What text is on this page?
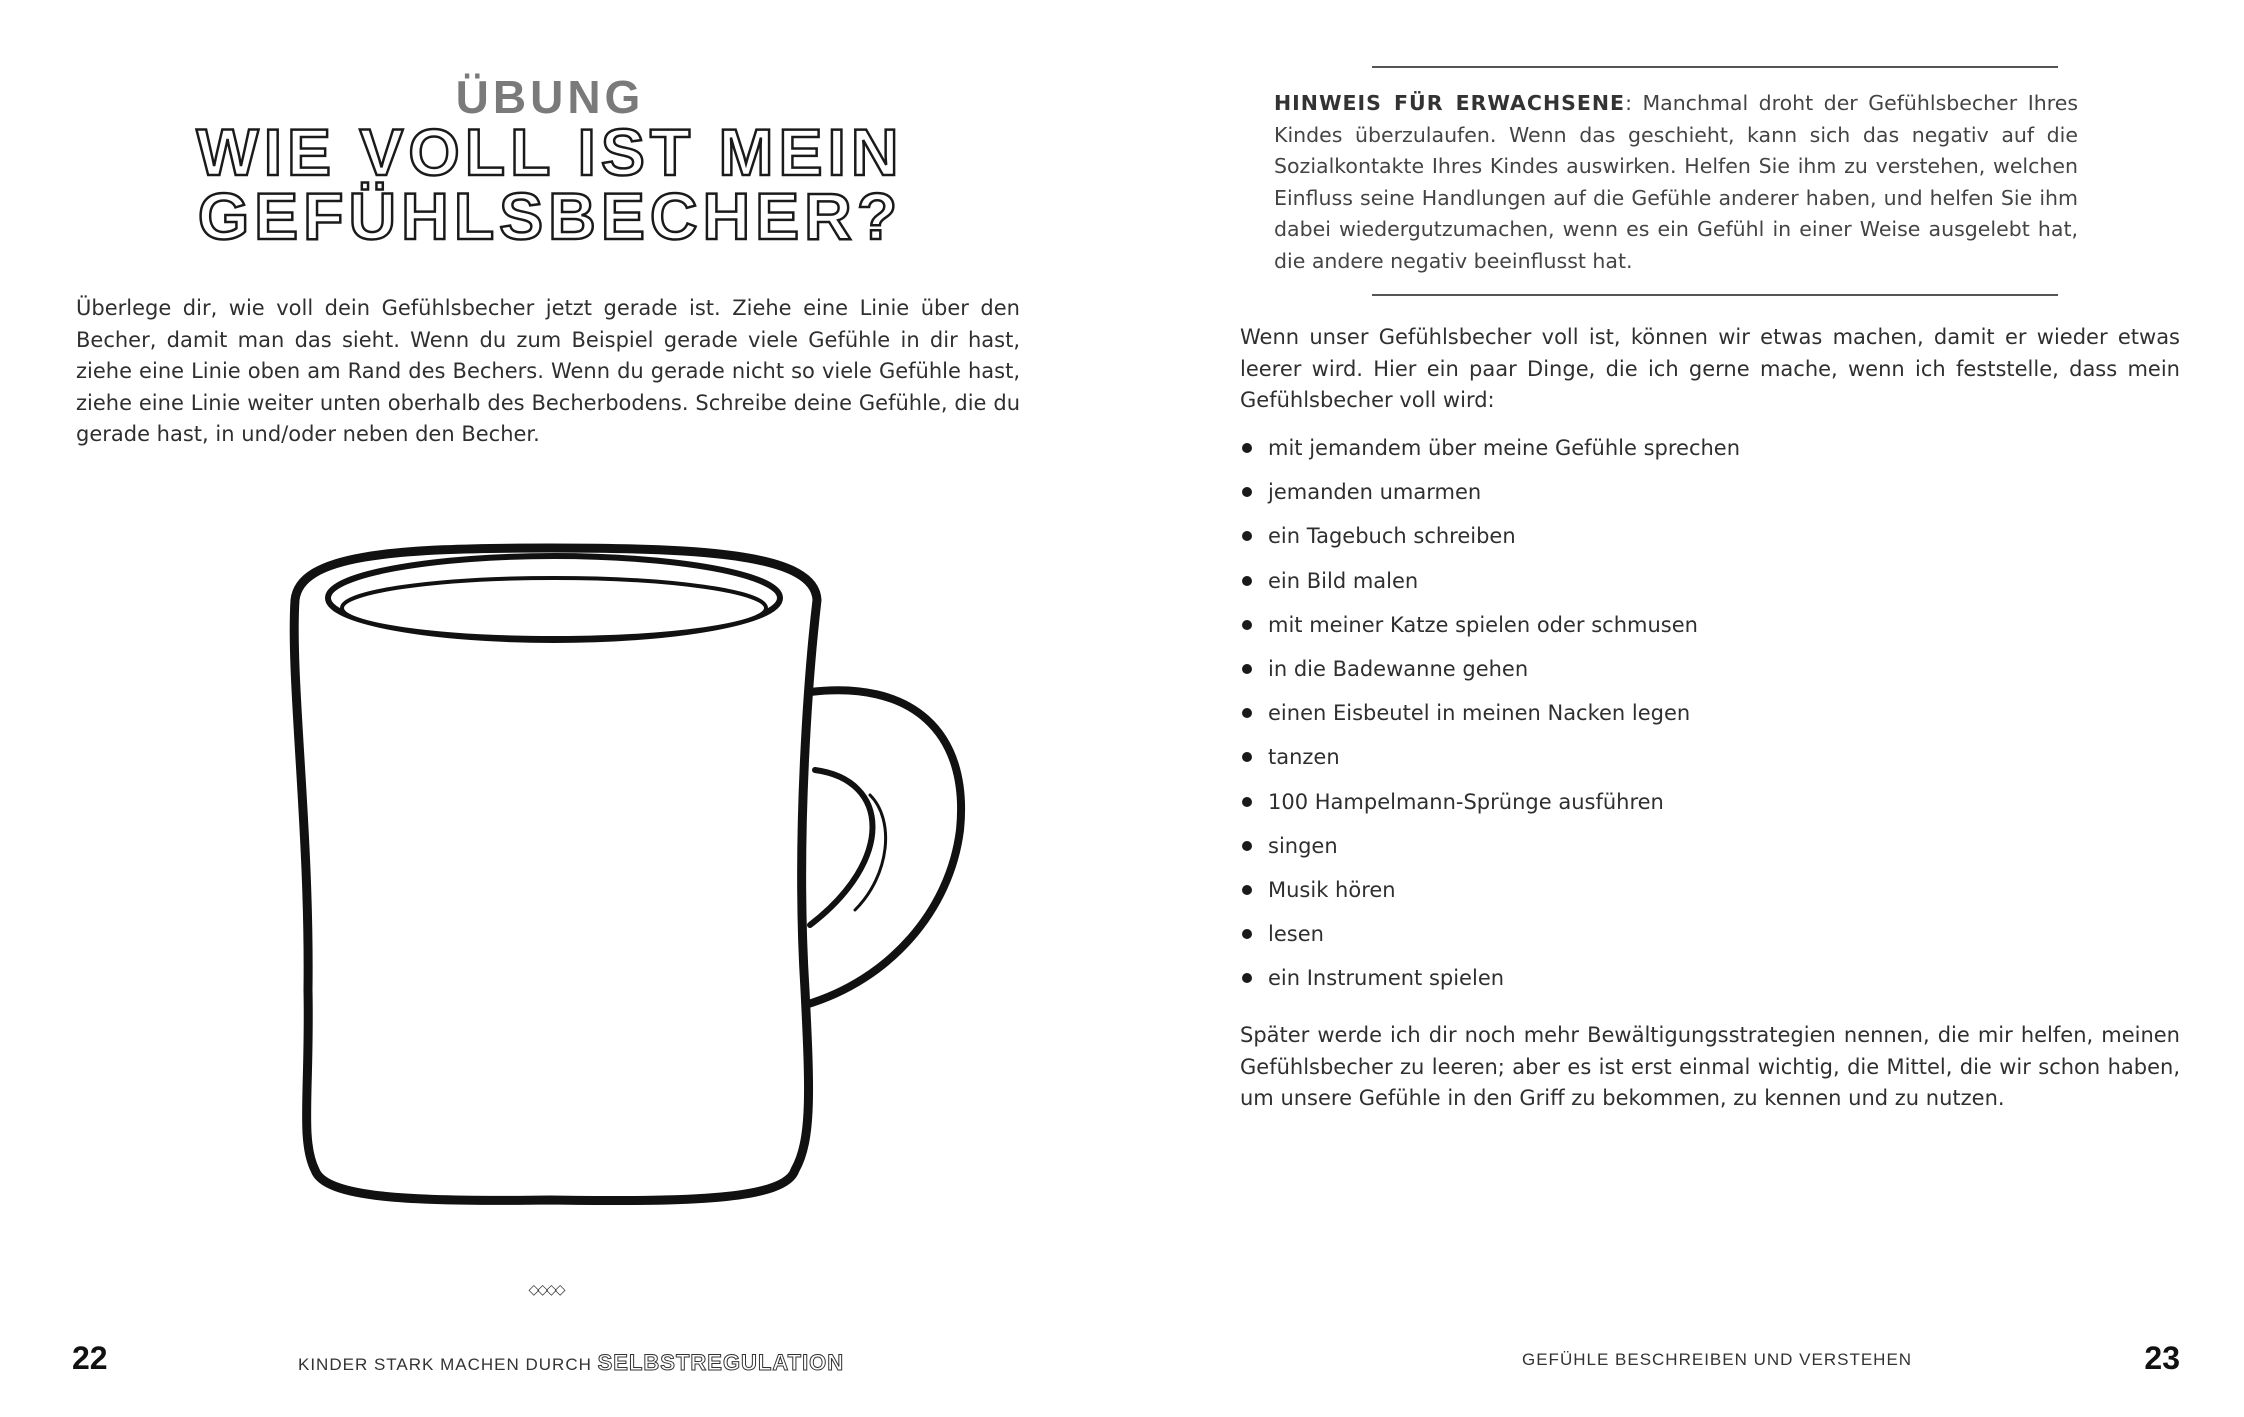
ÜBUNG
WIE VOLL IST MEIN
GEFÜHLSBECHER?
Überlege dir, wie voll dein Gefühlsbecher jetzt gerade ist. Ziehe eine Linie über den Becher, damit man das sieht. Wenn du zum Beispiel gerade viele Gefühle in dir hast, ziehe eine Linie oben am Rand des Bechers. Wenn du gerade nicht so viele Gefühle hast, ziehe eine Linie weiter unten oberhalb des Becherbodens. Schreibe deine Gefühle, die du gerade hast, in und/oder neben den Becher.
◇◇◇◇
22	KINDER STARK MACHEN DURCH SELBSTREGULATION
HINWEIS FÜR ERWACHSENE: Manchmal droht der Gefühlsbecher Ihres Kindes überzulaufen. Wenn das geschieht, kann sich das negativ auf die Sozialkontakte Ihres Kindes auswirken. Helfen Sie ihm zu verstehen, welchen Einfluss seine Handlungen auf die Gefühle anderer haben, und helfen Sie ihm dabei wiedergutzumachen, wenn es ein Gefühl in einer Weise ausgelebt hat, die andere negativ beeinflusst hat.
Wenn unser Gefühlsbecher voll ist, können wir etwas machen, damit er wieder etwas leerer wird. Hier ein paar Dinge, die ich gerne mache, wenn ich feststelle, dass mein Gefühlsbecher voll wird:
mit jemandem über meine Gefühle sprechen
jemanden umarmen
ein Tagebuch schreiben
ein Bild malen
mit meiner Katze spielen oder schmusen
in die Badewanne gehen
einen Eisbeutel in meinen Nacken legen
tanzen
100 Hampelmann-Sprünge ausführen
singen
Musik hören
lesen
ein Instrument spielen
Später werde ich dir noch mehr Bewältigungsstrategien nennen, die mir helfen, meinen Gefühlsbecher zu leeren; aber es ist erst einmal wichtig, die Mittel, die wir schon haben, um unsere Gefühle in den Griff zu bekommen, zu kennen und zu nutzen.
GEFÜHLE BESCHREIBEN UND VERSTEHEN	23
